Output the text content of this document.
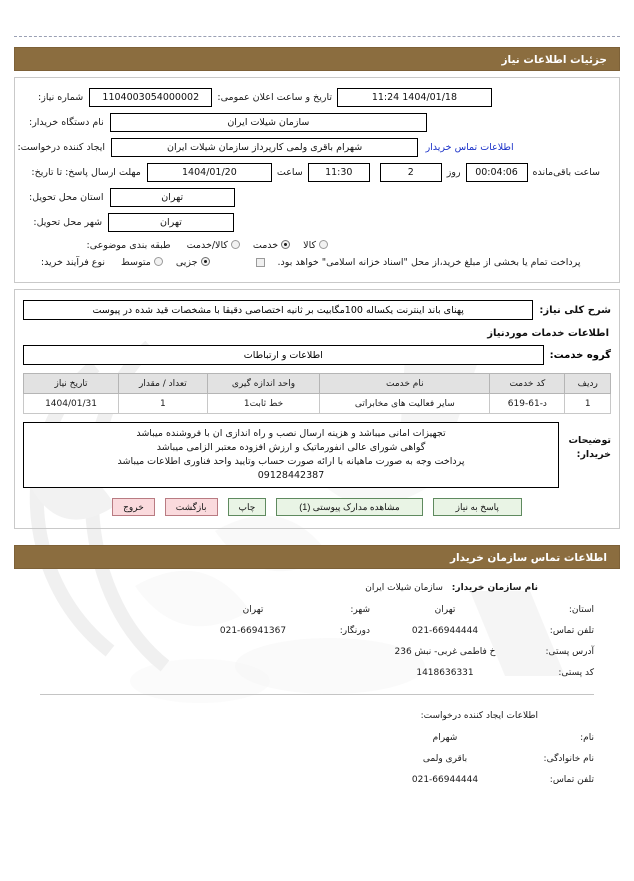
جزئیات اطلاعات نیاز
1404/01/18 11:24
تاریخ و ساعت اعلان عمومی:
1104003054000002
شماره نیاز:
سازمان شیلات ایران
نام دستگاه خریدار:
اطلاعات تماس خریدار
شهرام باقری ولمی کارپرداز سازمان شیلات ایران
ایجاد کننده درخواست:
ساعت باقی‌مانده
00:04:06
روز
2
11:30
ساعت
1404/01/20
مهلت ارسال پاسخ: تا تاریخ:
تهران
استان محل تحویل:
تهران
شهر محل تحویل:
کالا
خدمت
کالا/خدمت
طبقه بندی موضوعی:
پرداخت تمام یا بخشی از مبلغ خرید،از محل "اسناد خزانه اسلامی" خواهد بود.
جزیی
متوسط
نوع فرآیند خرید:
شرح کلی نیاز:
پهنای باند اینترنت یکساله 100مگابیت بر ثانیه اختصاصی دقیقا با مشخصات قید شده در پیوست
اطلاعات خدمات موردنیاز
گروه خدمت:
اطلاعات و ارتباطات
ردیف	کد خدمت	نام خدمت	واحد اندازه گیری	تعداد / مقدار	تاریخ نیاز
1	د-61-619	سایر فعالیت های مخابراتی	خط ثابت1	1	1404/01/31
توضیحات
خریدار:
تجهیزات امانی میباشد و هزینه ارسال نصب و راه اندازی ان با فروشنده میباشد
گواهی شورای عالی انفورماتیک و ارزش افزوده معتبر الزامی میباشد
پرداخت وجه به صورت ماهیانه با ارائه صورت حساب وتایید واحد فناوری اطلاعات میباشد
09128442387
پاسخ به نیاز
مشاهده مدارک پیوستی (1)
چاپ
بازگشت
خروج
اطلاعات تماس سازمان خریدار
نام سازمان خریدار: سازمان شیلات ایران
استان:
تهران
شهر:
تهران
تلفن تماس:
021-66944444
دورنگار:
021-66941367
آدرس پستی:
خ فاطمی غربی- نبش 236
کد پستی:
1418636331
اطلاعات ایجاد کننده درخواست:
نام:
شهرام
نام خانوادگی:
باقری ولمی
تلفن تماس:
021-66944444
